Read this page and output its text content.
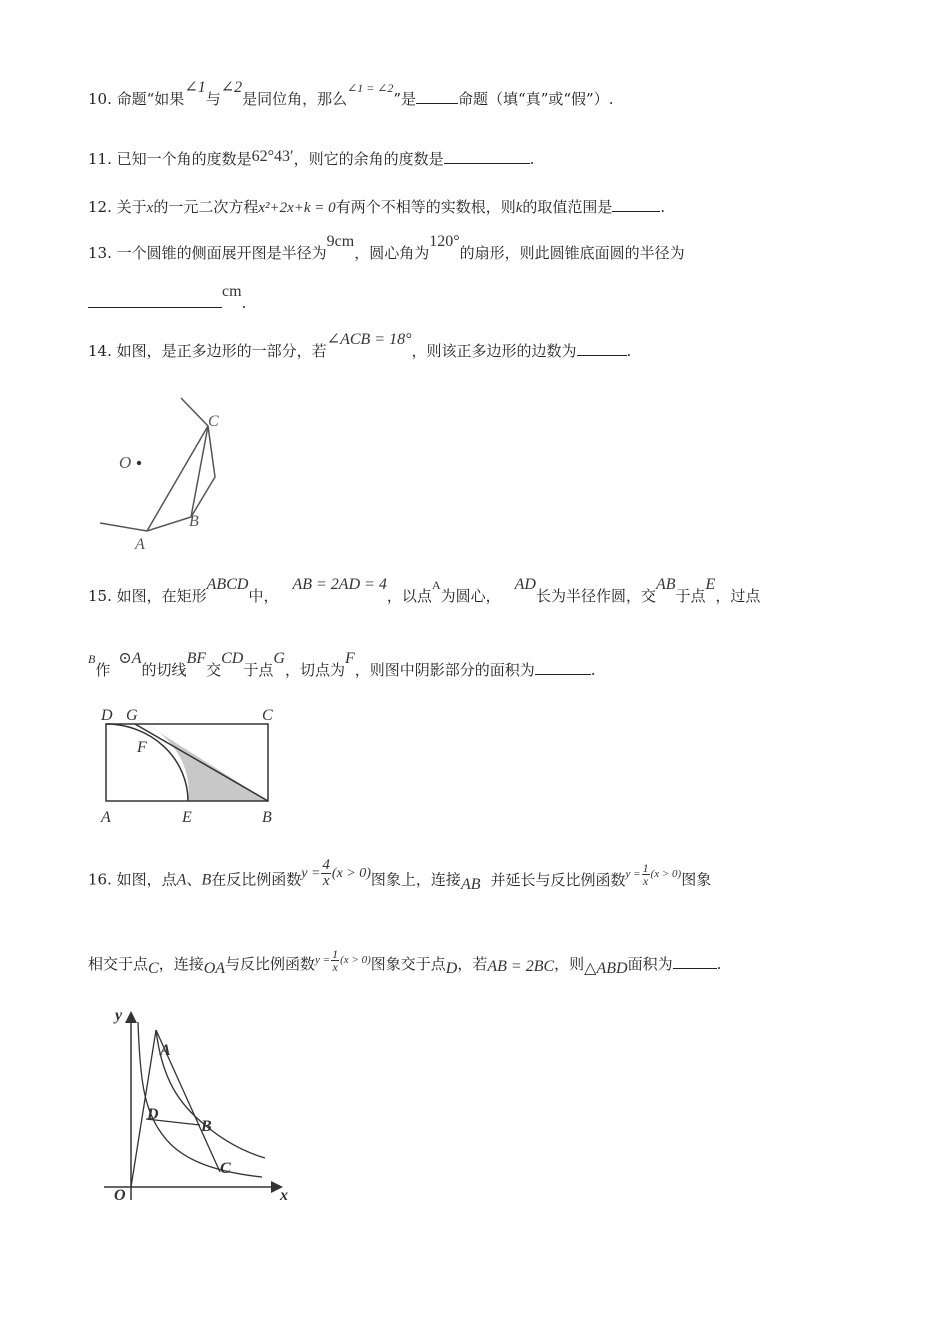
10. 命题“如果∠1与∠2是同位角，那么$^{\angle 1 = \angle 2}$”是	命题（填“真”或“假”）.
11. 已知一个角的度数是62°43′，则它的余角的度数是	.
12. 关于x的一元二次方程x²+2x+k = 0有两个不相等的实数根，则k的取值范围是	.
13. 一个圆锥的侧面展开图是半径为9cm，圆心角为120°的扇形，则此圆锥底面圆的半径为
cm.
14. 如图，是正多边形的一部分，若∠ACB = 18°，则该正多边形的边数为	.
O
A
B
C
15. 如图，在矩形ABCD中，AB = 2AD = 4，以点$^A$为圆心，AD长为半径作圆，交AB于点E，过点
$^B$作⊙A的切线BF交CD于点G，切点为F，则图中阴影部分的面积为	.
D G	C
F
A	E	B
16. 如图，点A、B在反比例函数$y = \frac{4}{x} (x > 0)$图象上，连接AB 并延长与反比例函数$^{y = \frac{1}{x} (x > 0)}$图象
相交于点C，连接OA与反比例函数$^{y = \frac{1}{x} (x > 0)}$图象交于点D，若AB = 2BC，则△ABD面积为	.
y
x
O
A
B
C
D
